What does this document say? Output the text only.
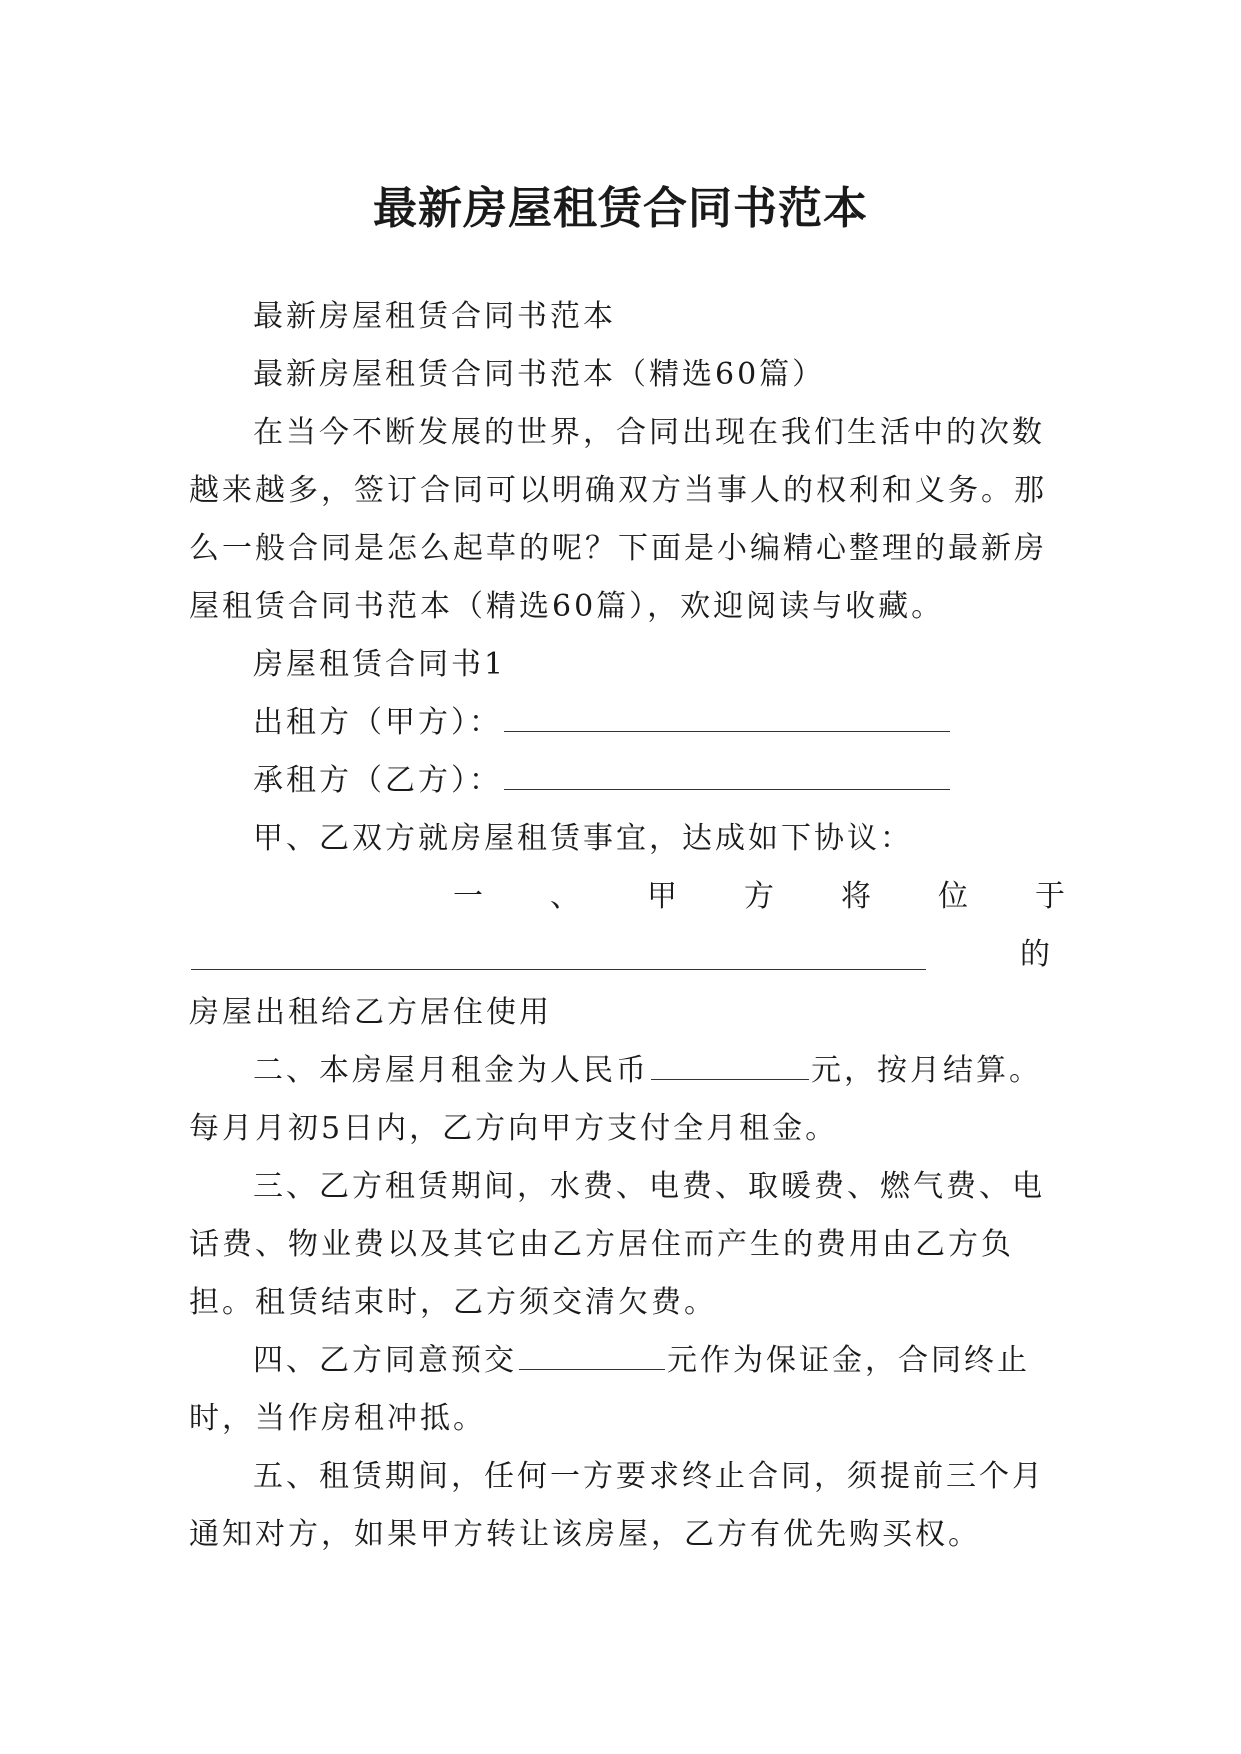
最新房屋租赁合同书范本

最新房屋租赁合同书范本

最新房屋租赁合同书范本（精选60篇）

在当今不断发展的世界，合同出现在我们生活中的次数越来越多，签订合同可以明确双方当事人的权利和义务。那么一般合同是怎么起草的呢？下面是小编精心整理的最新房屋租赁合同书范本（精选60篇），欢迎阅读与收藏。

房屋租赁合同书1

出租方（甲方）：

承租方（乙方）：

甲、乙双方就房屋租赁事宜，达成如下协议：

一	、	甲	方	将	位	于

的

房屋出租给乙方居住使用

二、本房屋月租金为人民币	元，按月结算。每月月初5日内，乙方向甲方支付全月租金。

三、乙方租赁期间，水费、电费、取暖费、燃气费、电话费、物业费以及其它由乙方居住而产生的费用由乙方负担。租赁结束时，乙方须交清欠费。

四、乙方同意预交	元作为保证金，合同终止时，当作房租冲抵。

五、租赁期间，任何一方要求终止合同，须提前三个月通知对方，如果甲方转让该房屋，乙方有优先购买权。
